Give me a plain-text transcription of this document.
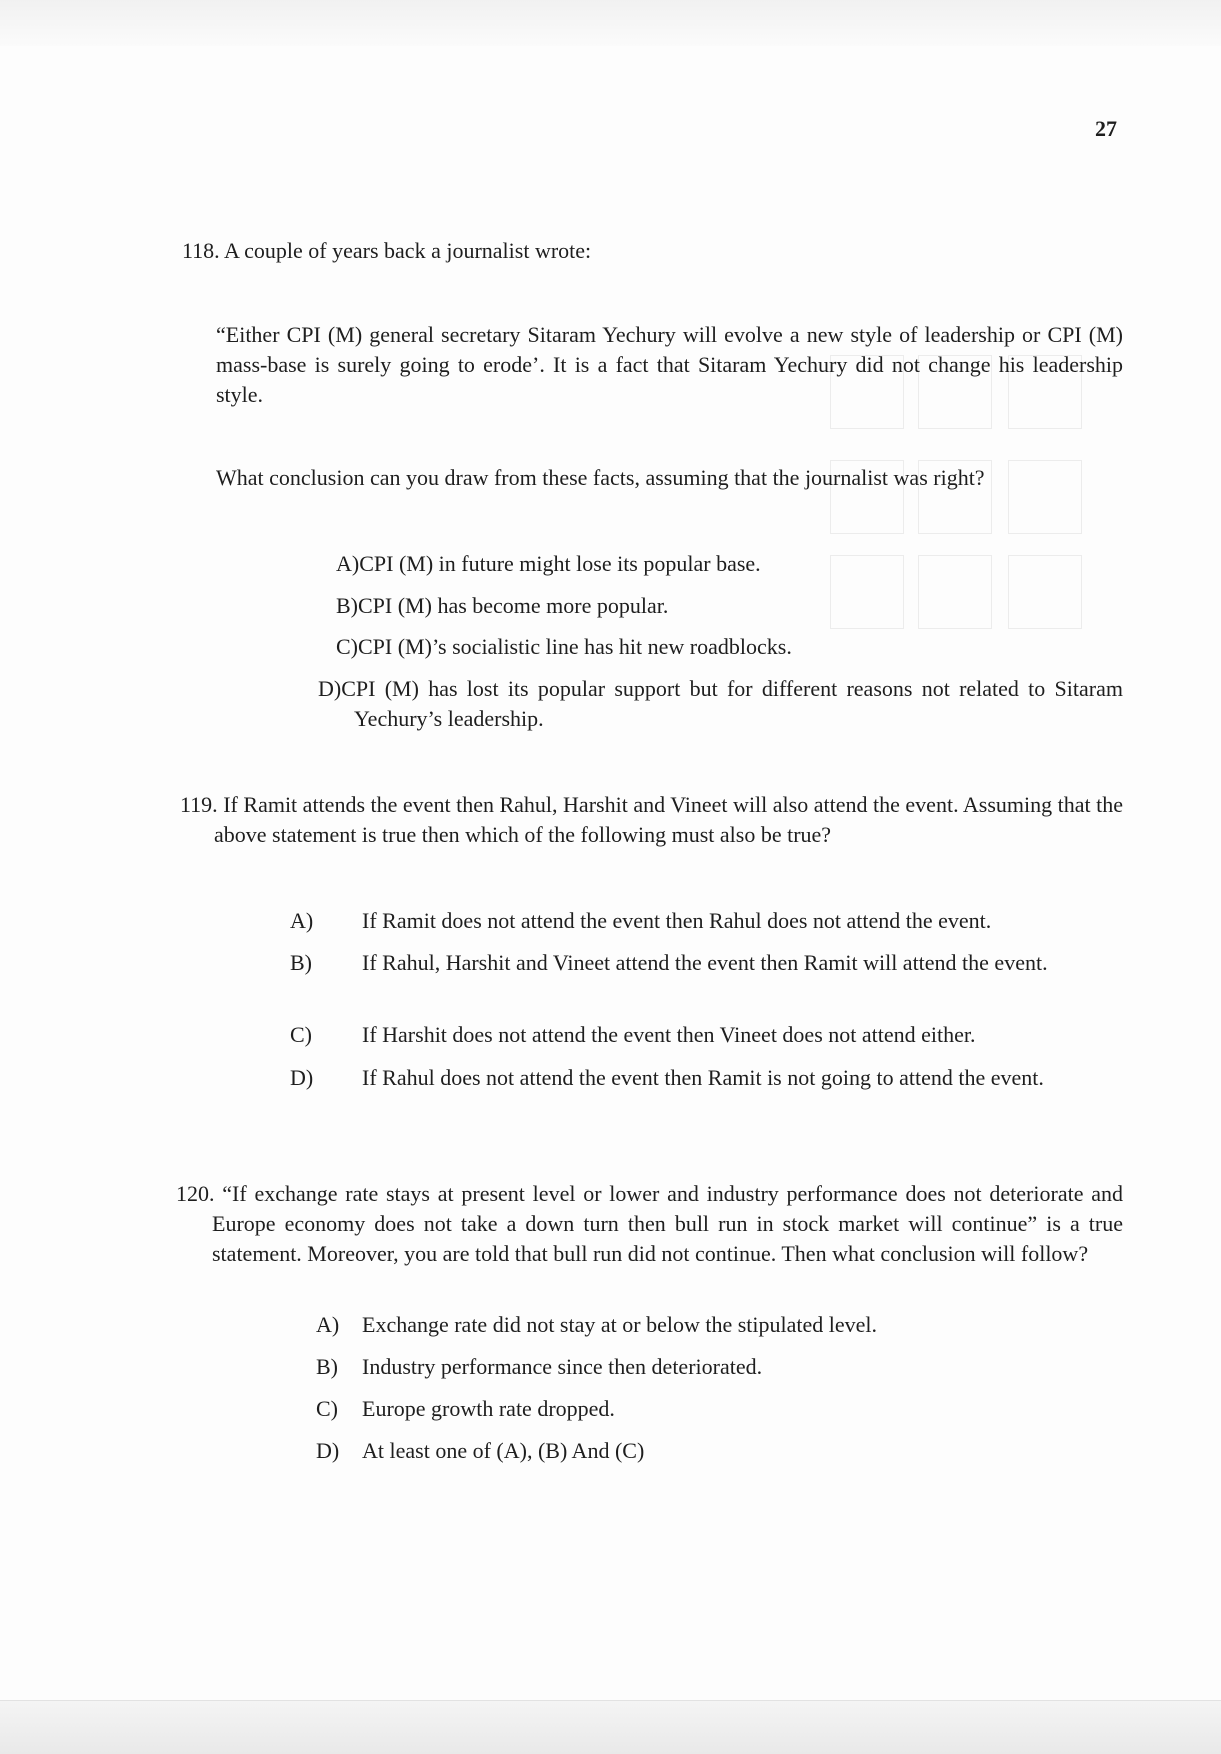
27
118. A couple of years back a journalist wrote:
“Either CPI (M) general secretary Sitaram Yechury will evolve a new style of leadership or CPI (M) mass-base is surely going to erode’. It is a fact that Sitaram Yechury did not change his leadership style.
What conclusion can you draw from these facts, assuming that the journalist was right?
A)CPI (M) in future might lose its popular base.
B)CPI (M) has become more popular.
C)CPI (M)’s socialistic line has hit new roadblocks.
D)CPI (M) has lost its popular support but for different reasons not related to Sitaram Yechury’s leadership.
119. If Ramit attends the event then Rahul, Harshit and Vineet will also attend the event. Assuming that the above statement is true then which of the following must also be true?
A) If Ramit does not attend the event then Rahul does not attend the event.
B) If Rahul, Harshit and Vineet attend the event then Ramit will attend the event.
C) If Harshit does not attend the event then Vineet does not attend either.
D) If Rahul does not attend the event then Ramit is not going to attend the event.
120. “If exchange rate stays at present level or lower and industry performance does not deteriorate and Europe economy does not take a down turn then bull run in stock market will continue” is a true statement. Moreover, you are told that bull run did not continue. Then what conclusion will follow?
A) Exchange rate did not stay at or below the stipulated level.
B) Industry performance since then deteriorated.
C) Europe growth rate dropped.
D) At least one of (A), (B) And (C)
